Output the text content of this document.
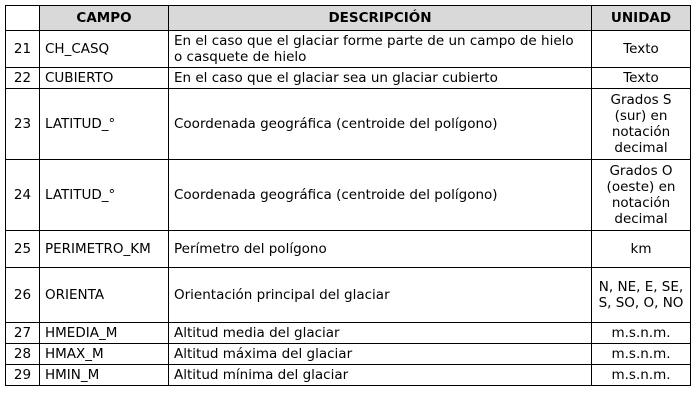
	CAMPO	DESCRIPCIÓN	UNIDAD
21	CH_CASQ	En el caso que el glaciar forme parte de un campo de hielo o casquete de hielo	Texto
22	CUBIERTO	En el caso que el glaciar sea un glaciar cubierto	Texto
23	LATITUD_°	Coordenada geográfica (centroide del polígono)	Grados S (sur) en notación decimal
24	LATITUD_°	Coordenada geográfica (centroide del polígono)	Grados O (oeste) en notación decimal
25	PERIMETRO_KM	Perímetro del polígono	km
26	ORIENTA	Orientación principal del glaciar	N, NE, E, SE, S, SO, O, NO
27	HMEDIA_M	Altitud media del glaciar	m.s.n.m.
28	HMAX_M	Altitud máxima del glaciar	m.s.n.m.
29	HMIN_M	Altitud mínima del glaciar	m.s.n.m.
